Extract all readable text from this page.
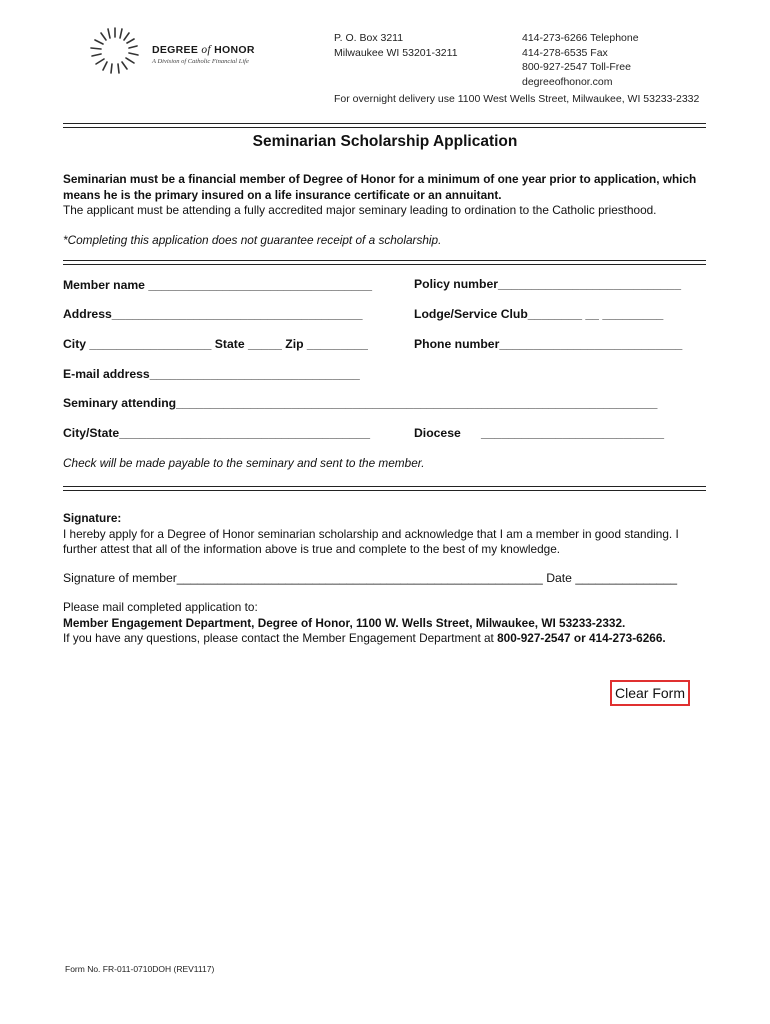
DEGREE of HONOR
A Division of Catholic Financial Life
P. O. Box 3211
Milwaukee WI 53201-3211
414-273-6266 Telephone
414-278-6535 Fax
800-927-2547 Toll-Free
degreeofhonor.com
For overnight delivery use 1100 West Wells Street, Milwaukee, WI 53233-2332
Seminarian Scholarship Application
Seminarian must be a financial member of Degree of Honor for a minimum of one year prior to application, which means he is the primary insured on a life insurance certificate or an annuitant.
The applicant must be attending a fully accredited major seminary leading to ordination to the Catholic priesthood.
*Completing this application does not guarantee receipt of a scholarship.
Member name _________________________________	Policy number___________________________
Address_____________________________________	Lodge/Service Club________ __ _________
City __________________ State _____ Zip _________	Phone number___________________________
E-mail address_______________________________
Seminary attending_______________________________________________________________________
City/State_____________________________________	Diocese ___________________________
Check will be made payable to the seminary and sent to the member.
Signature:
I hereby apply for a Degree of Honor seminarian scholarship and acknowledge that I am a member in good standing. I further attest that all of the information above is true and complete to the best of my knowledge.
Signature of member______________________________________________________ Date _______________
Please mail completed application to:
Member Engagement Department, Degree of Honor, 1100 W. Wells Street, Milwaukee, WI 53233-2332.
If you have any questions, please contact the Member Engagement Department at 800-927-2547 or 414-273-6266.
Clear Form
Form No. FR-011-0710DOH (REV1117)
